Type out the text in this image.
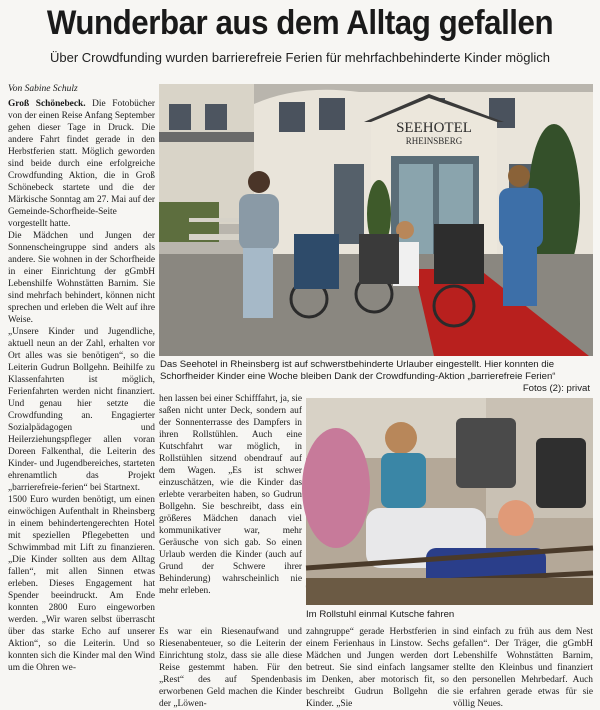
Wunderbar aus dem Alltag gefallen
Über Crowdfunding wurden barrierefreie Ferien für mehrfachbehinderte Kinder möglich
Von Sabine Schulz

Groß Schönebeck. Die Fotobücher von der einen Reise Anfang September gehen dieser Tage in Druck. Die andere Fahrt findet gerade in den Herbstferien statt. Möglich geworden sind beide durch eine erfolgreiche Crowdfunding Aktion, die in Groß Schönebeck startete und die der Märkische Sonntag am 27. Mai auf der Gemeinde-Schorfheide-Seite vorgestellt hatte.

Die Mädchen und Jungen der Sonnenscheingruppe sind anders als andere. Sie wohnen in der Schorfheide in einer Einrichtung der gGmbH Lebenshilfe Wohnstätten Barnim. Sie sind mehrfach behindert, können nicht sprechen und erleben die Welt auf ihre Weise.

„Unsere Kinder und Jugendliche, aktuell neun an der Zahl, erhalten vor Ort alles was sie benötigen“, so die Leiterin Gudrun Bollgehn. Beihilfe zu Klassenfahrten ist möglich, Ferienfahrten werden nicht finanziert. Und genau hier setzte die Crowdfunding an. Engagierter Sozialpädagogen und Heilerziehungspfleger allen voran Doreen Falkenthal, die Leiterin des Kinder- und Jugendbereiches, starteten ehrenamtlich das Projekt „barrierefreie-ferien“ bei Startnext.

1500 Euro wurden benötigt, um einen einwöchigen Aufenthalt in Rheinsberg in einem behindertengerechten Hotel mit speziellen Pflegebetten und Schwimmbad mit Lift zu finanzieren. „Die Kinder sollten aus dem Alltag fallen“, mit allen Sinnen etwas erleben. Dieses Engagement hat Spender beeindruckt. Am Ende konnten 2800 Euro eingeworben werden. „Wir waren selbst überrascht über das starke Echo auf unserer Aktion“, so die Leiterin. Und so konnten sich die Kinder mal den Wind um die Ohren we-

SEEHOTEL
RHEINSBERG
Das Seehotel in Rheinsberg ist auf schwerstbehinderte Urlauber eingestellt. Hier konnten die Schorfheider Kinder eine Woche bleiben Dank der Crowdfunding-Aktion „barrierefreie Ferien“
Fotos (2): privat

hen lassen bei einer Schifffahrt, ja, sie saßen nicht unter Deck, sondern auf der Sonnenterrasse des Dampfers in ihren Rollstühlen. Auch eine Kutschfahrt war möglich, in Rollstühlen sitzend obendrauf auf dem Wagen. „Es ist schwer einzuschätzen, wie die Kinder das erlebte verarbeiten haben, so Gudrun Bollgehn. Sie beschreibt, dass ein größeres Mädchen danach viel kommunikativer war, mehr Geräusche von sich gab. So einen Urlaub werden die Kinder (auch auf Grund der Schwere ihrer Behinderung) wahrscheinlich nie mehr erleben.

Im Rollstuhl einmal Kutsche fahren

Es war ein Riesenaufwand und Riesenabenteuer, so die Leiterin der Einrichtung stolz, dass sie alle diese Reise gestemmt haben. Für den „Rest“ des auf Spendenbasis erworbenen Geld machen die Kinder der „Löwen-

zahngruppe“ gerade Herbstferien in einem Ferienhaus in Linstow. Sechs Mädchen und Jungen werden dort betreut. Sie sind einfach langsamer im Denken, aber motorisch fit, so beschreibt Gudrun Bollgehn die Kinder. „Sie

sind einfach zu früh aus dem Nest gefallen“. Der Träger, die gGmbH Lebenshilfe Wohnstätten Barnim, stellte den Kleinbus und finanziert den personellen Mehrbedarf. Auch sie erfahren gerade etwas für sie völlig Neues.
